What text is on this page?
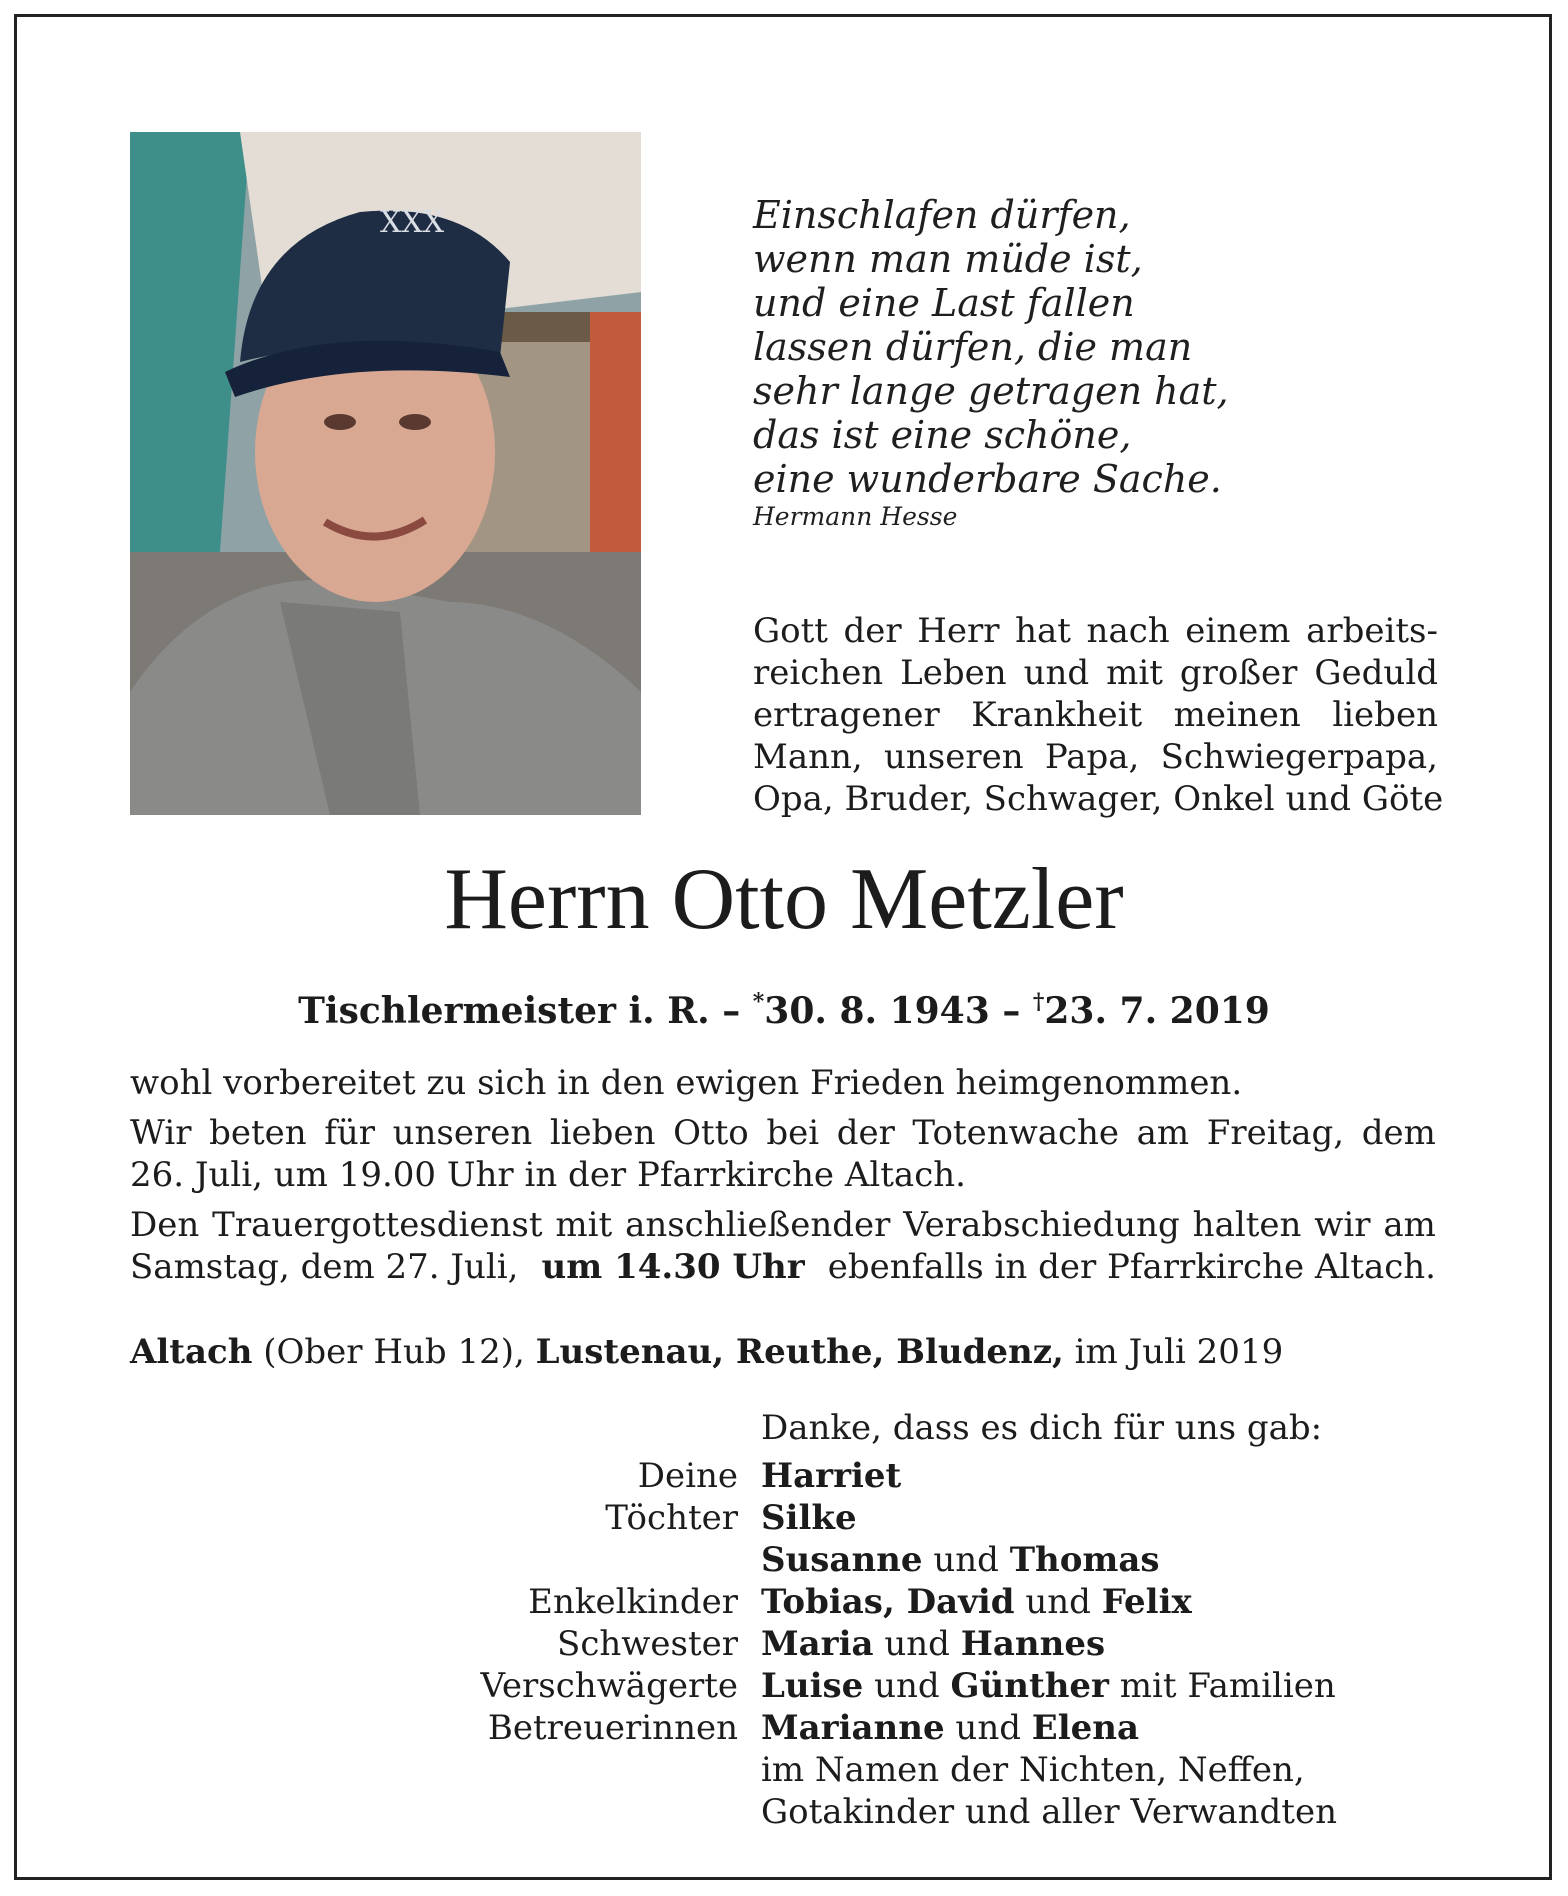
XXX	Einschlafen dürfen,
wenn man müde ist,
und eine Last fallen
lassen dürfen, die man
sehr lange getragen hat,
das ist eine schöne,
eine wunderbare Sache.
Hermann Hesse
Gott der Herr hat nach einem arbeits-
reichen Leben und mit großer Geduld
ertragener Krankheit meinen lieben
Mann, unseren Papa, Schwiegerpapa,
Opa, Bruder, Schwager, Onkel und Göte
Herrn Otto Metzler
Tischlermeister i. R. – *30. 8. 1943 – †23. 7. 2019

wohl vorbereitet zu sich in den ewigen Frieden heimgenommen.

Wir beten für unseren lieben Otto bei der Totenwache am Freitag, dem
26. Juli, um 19.00 Uhr in der Pfarrkirche Altach.

Den Trauergottesdienst mit anschließender Verabschiedung halten wir am
Samstag, dem 27. Juli, um 14.30 Uhr ebenfalls in der Pfarrkirche Altach.

Altach (Ober Hub 12), Lustenau, Reuthe, Bludenz, im Juli 2019
Danke, dass es dich für uns gab:
Deine Harriet
Töchter Silke
Susanne und Thomas
Enkelkinder Tobias, David und Felix
Schwester Maria und Hannes
Verschwägerte Luise und Günther mit Familien
Betreuerinnen Marianne und Elena
im Namen der Nichten, Neffen,
Gotakinder und aller Verwandten
